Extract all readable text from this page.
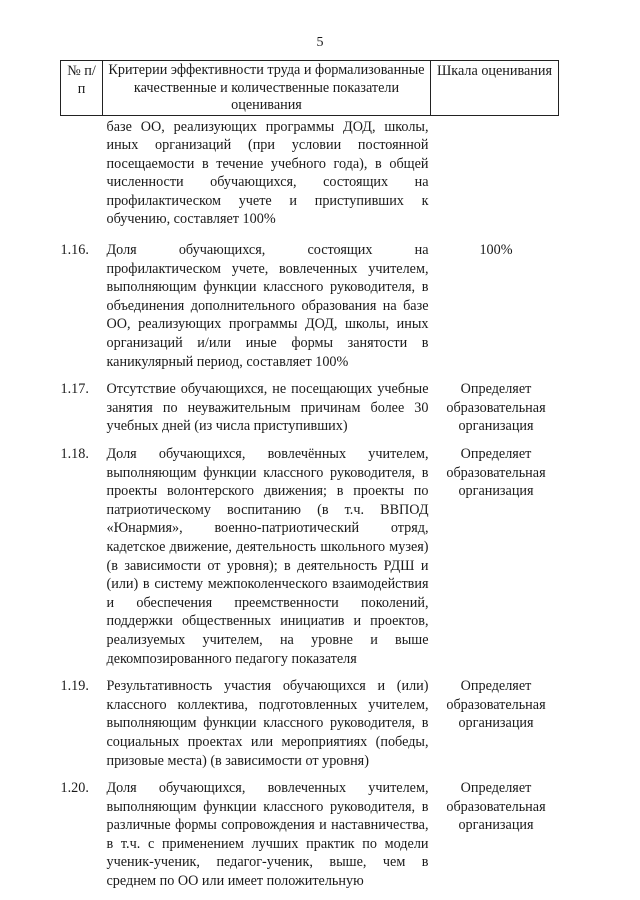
5
№ п/п	Критерии эффективности труда и формализованные качественные и количественные показатели оценивания	Шкала оценивания
	базе ОО, реализующих программы ДОД, школы, иных организаций (при условии постоянной посещаемости в течение учебного года), в общей численности обучающихся, состоящих на профилактическом учете и приступивших к обучению, составляет 100%	
1.16.	Доля обучающихся, состоящих на профилактическом учете, вовлеченных учителем, выполняющим функции классного руководителя, в объединения дополнительного образования на базе ОО, реализующих программы ДОД, школы, иных организаций и/или иные формы занятости в каникулярный период, составляет 100%	100%
1.17.	Отсутствие обучающихся, не посещающих учебные занятия по неуважительным причинам более 30 учебных дней (из числа приступивших)	Определяет образовательная организация
1.18.	Доля обучающихся, вовлечённых учителем, выполняющим функции классного руководителя, в проекты волонтерского движения; в проекты по патриотическому воспитанию (в т.ч. ВВПОД «Юнармия», военно-патриотический отряд, кадетское движение, деятельность школьного музея) (в зависимости от уровня); в деятельность РДШ и (или) в систему межпоколенческого взаимодействия и обеспечения преемственности поколений, поддержки общественных инициатив и проектов, реализуемых учителем, на уровне и выше декомпозированного педагогу показателя	Определяет образовательная организация
1.19.	Результативность участия обучающихся и (или) классного коллектива, подготовленных учителем, выполняющим функции классного руководителя, в социальных проектах или мероприятиях (победы, призовые места) (в зависимости от уровня)	Определяет образовательная организация
1.20.	Доля обучающихся, вовлеченных учителем, выполняющим функции классного руководителя, в различные формы сопровождения и наставничества, в т.ч. с применением лучших практик по модели ученик-ученик, педагог-ученик, выше, чем в среднем по ОО или имеет положительную	Определяет образовательная организация
